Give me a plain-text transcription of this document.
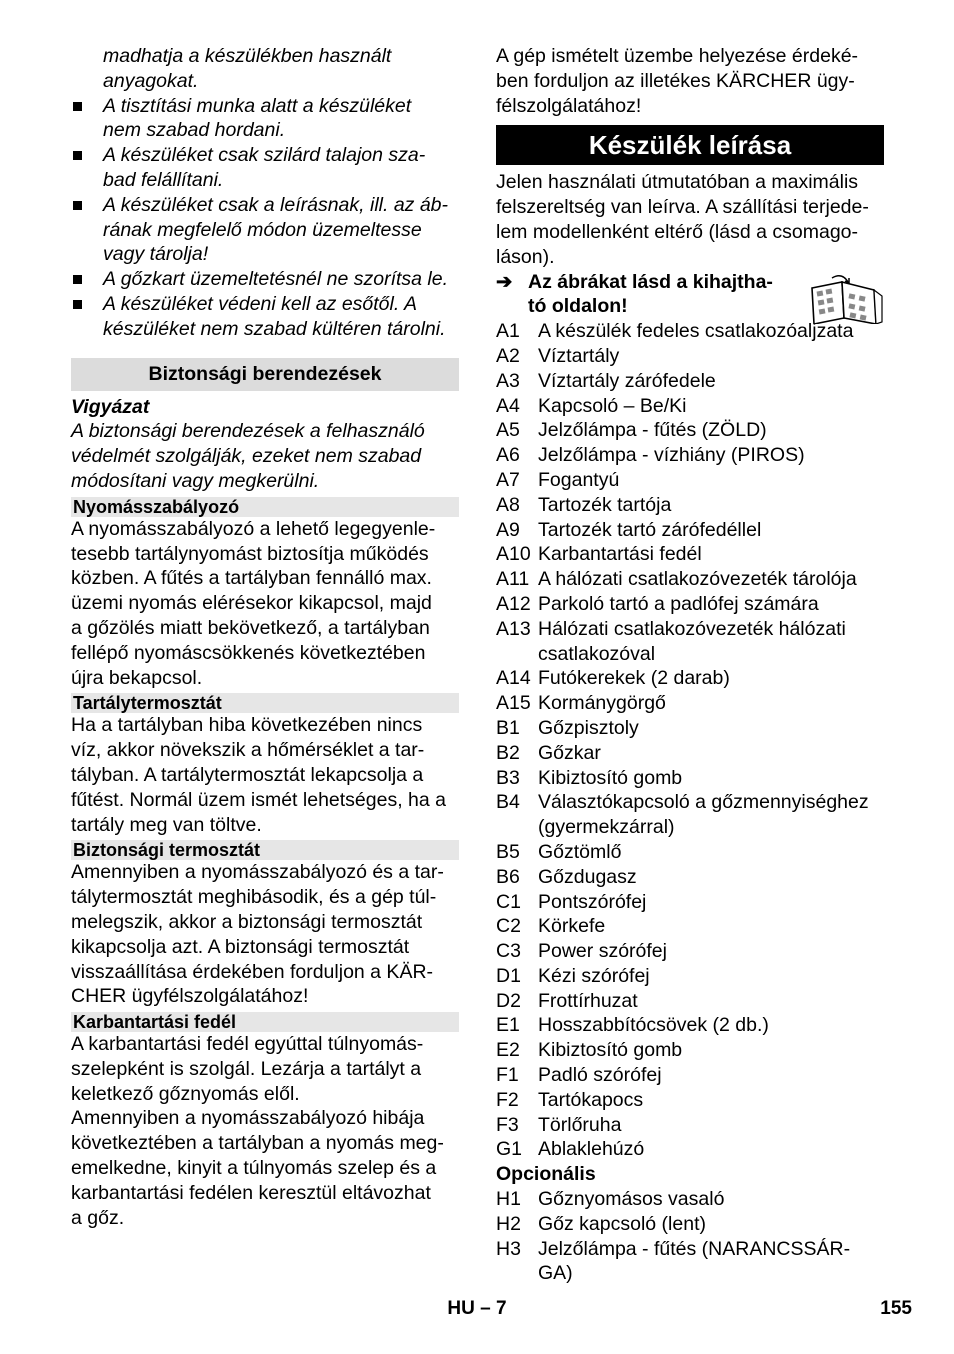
madhatja a készülékben használt
anyagokat.
A tisztítási munka alatt a készüléket
nem szabad hordani.
A készüléket csak szilárd talajon sza-
bad felállítani.
A készüléket csak a leírásnak, ill. az áb-
rának megfelelő módon üzemeltesse
vagy tárolja!
A gőzkart üzemeltetésnél ne szorítsa le.
A készüléket védeni kell az esőtől. A
készüléket nem szabad kültéren tárolni.
Biztonsági berendezések
Vigyázat
A biztonsági berendezések a felhasználó
védelmét szolgálják, ezeket nem szabad
módosítani vagy megkerülni.
Nyomásszabályozó
A nyomásszabályozó a lehető legegyenle-
tesebb tartálynyomást biztosítja működés
közben. A fűtés a tartályban fennálló max.
üzemi nyomás elérésekor kikapcsol, majd
a gőzölés miatt bekövetkező, a tartályban
fellépő nyomáscsökkenés következtében
újra bekapcsol.
Tartálytermosztát
Ha a tartályban hiba következében nincs
víz, akkor növekszik a hőmérséklet a tar-
tályban. A tartálytermosztát lekapcsolja a
fűtést. Normál üzem ismét lehetséges, ha a
tartály meg van töltve.
Biztonsági termosztát
Amennyiben a nyomásszabályozó és a tar-
tálytermosztát meghibásodik, és a gép túl-
melegszik, akkor a biztonsági termosztát
kikapcsolja azt. A biztonsági termosztát
visszaállítása érdekében forduljon a KÄR-
CHER ügyfélszolgálatához!
Karbantartási fedél
A karbantartási fedél egyúttal túlnyomás-
szelepként is szolgál. Lezárja a tartályt a
keletkező gőznyomás elől.
Amennyiben a nyomásszabályozó hibája
következtében a tartályban a nyomás meg-
emelkedne, kinyit a túlnyomás szelep és a
karbantartási fedélen keresztül eltávozhat
a gőz.
A gép ismételt üzembe helyezése érdeké-
ben forduljon az illetékes KÄRCHER ügy-
félszolgálatához!
Készülék leírása
Jelen használati útmutatóban a maximális
felszereltség van leírva. A szállítási terjede-
lem modellenként eltérő (lásd a csomago-
láson).
➔ Az ábrákat lásd a kihajtha-
tó oldalon!
A1 A készülék fedeles csatlakozóaljzata
A2 Víztartály
A3 Víztartály zárófedele
A4 Kapcsoló – Be/Ki
A5 Jelzőlámpa - fűtés (ZÖLD)
A6 Jelzőlámpa - vízhiány (PIROS)
A7 Fogantyú
A8 Tartozék tartója
A9 Tartozék tartó zárófedéllel
A10 Karbantartási fedél
A11 A hálózati csatlakozóvezeték tárolója
A12 Parkoló tartó a padlófej számára
A13 Hálózati csatlakozóvezeték hálózati
csatlakozóval
A14 Futókerekek (2 darab)
A15 Kormánygörgő
B1 Gőzpisztoly
B2 Gőzkar
B3 Kibiztosító gomb
B4 Választókapcsoló a gőzmennyiséghez
(gyermekzárral)
B5 Gőztömlő
B6 Gőzdugasz
C1 Pontszórófej
C2 Körkefe
C3 Power szórófej
D1 Kézi szórófej
D2 Frottírhuzat
E1 Hosszabbítócsövek (2 db.)
E2 Kibiztosító gomb
F1 Padló szórófej
F2 Tartókapocs
F3 Törlőruha
G1 Ablaklehúzó
Opcionális
H1 Gőznyomásos vasaló
H2 Gőz kapcsoló (lent)
H3 Jelzőlámpa - fűtés (NARANCSSÁR-
GA)
HU – 7	155
